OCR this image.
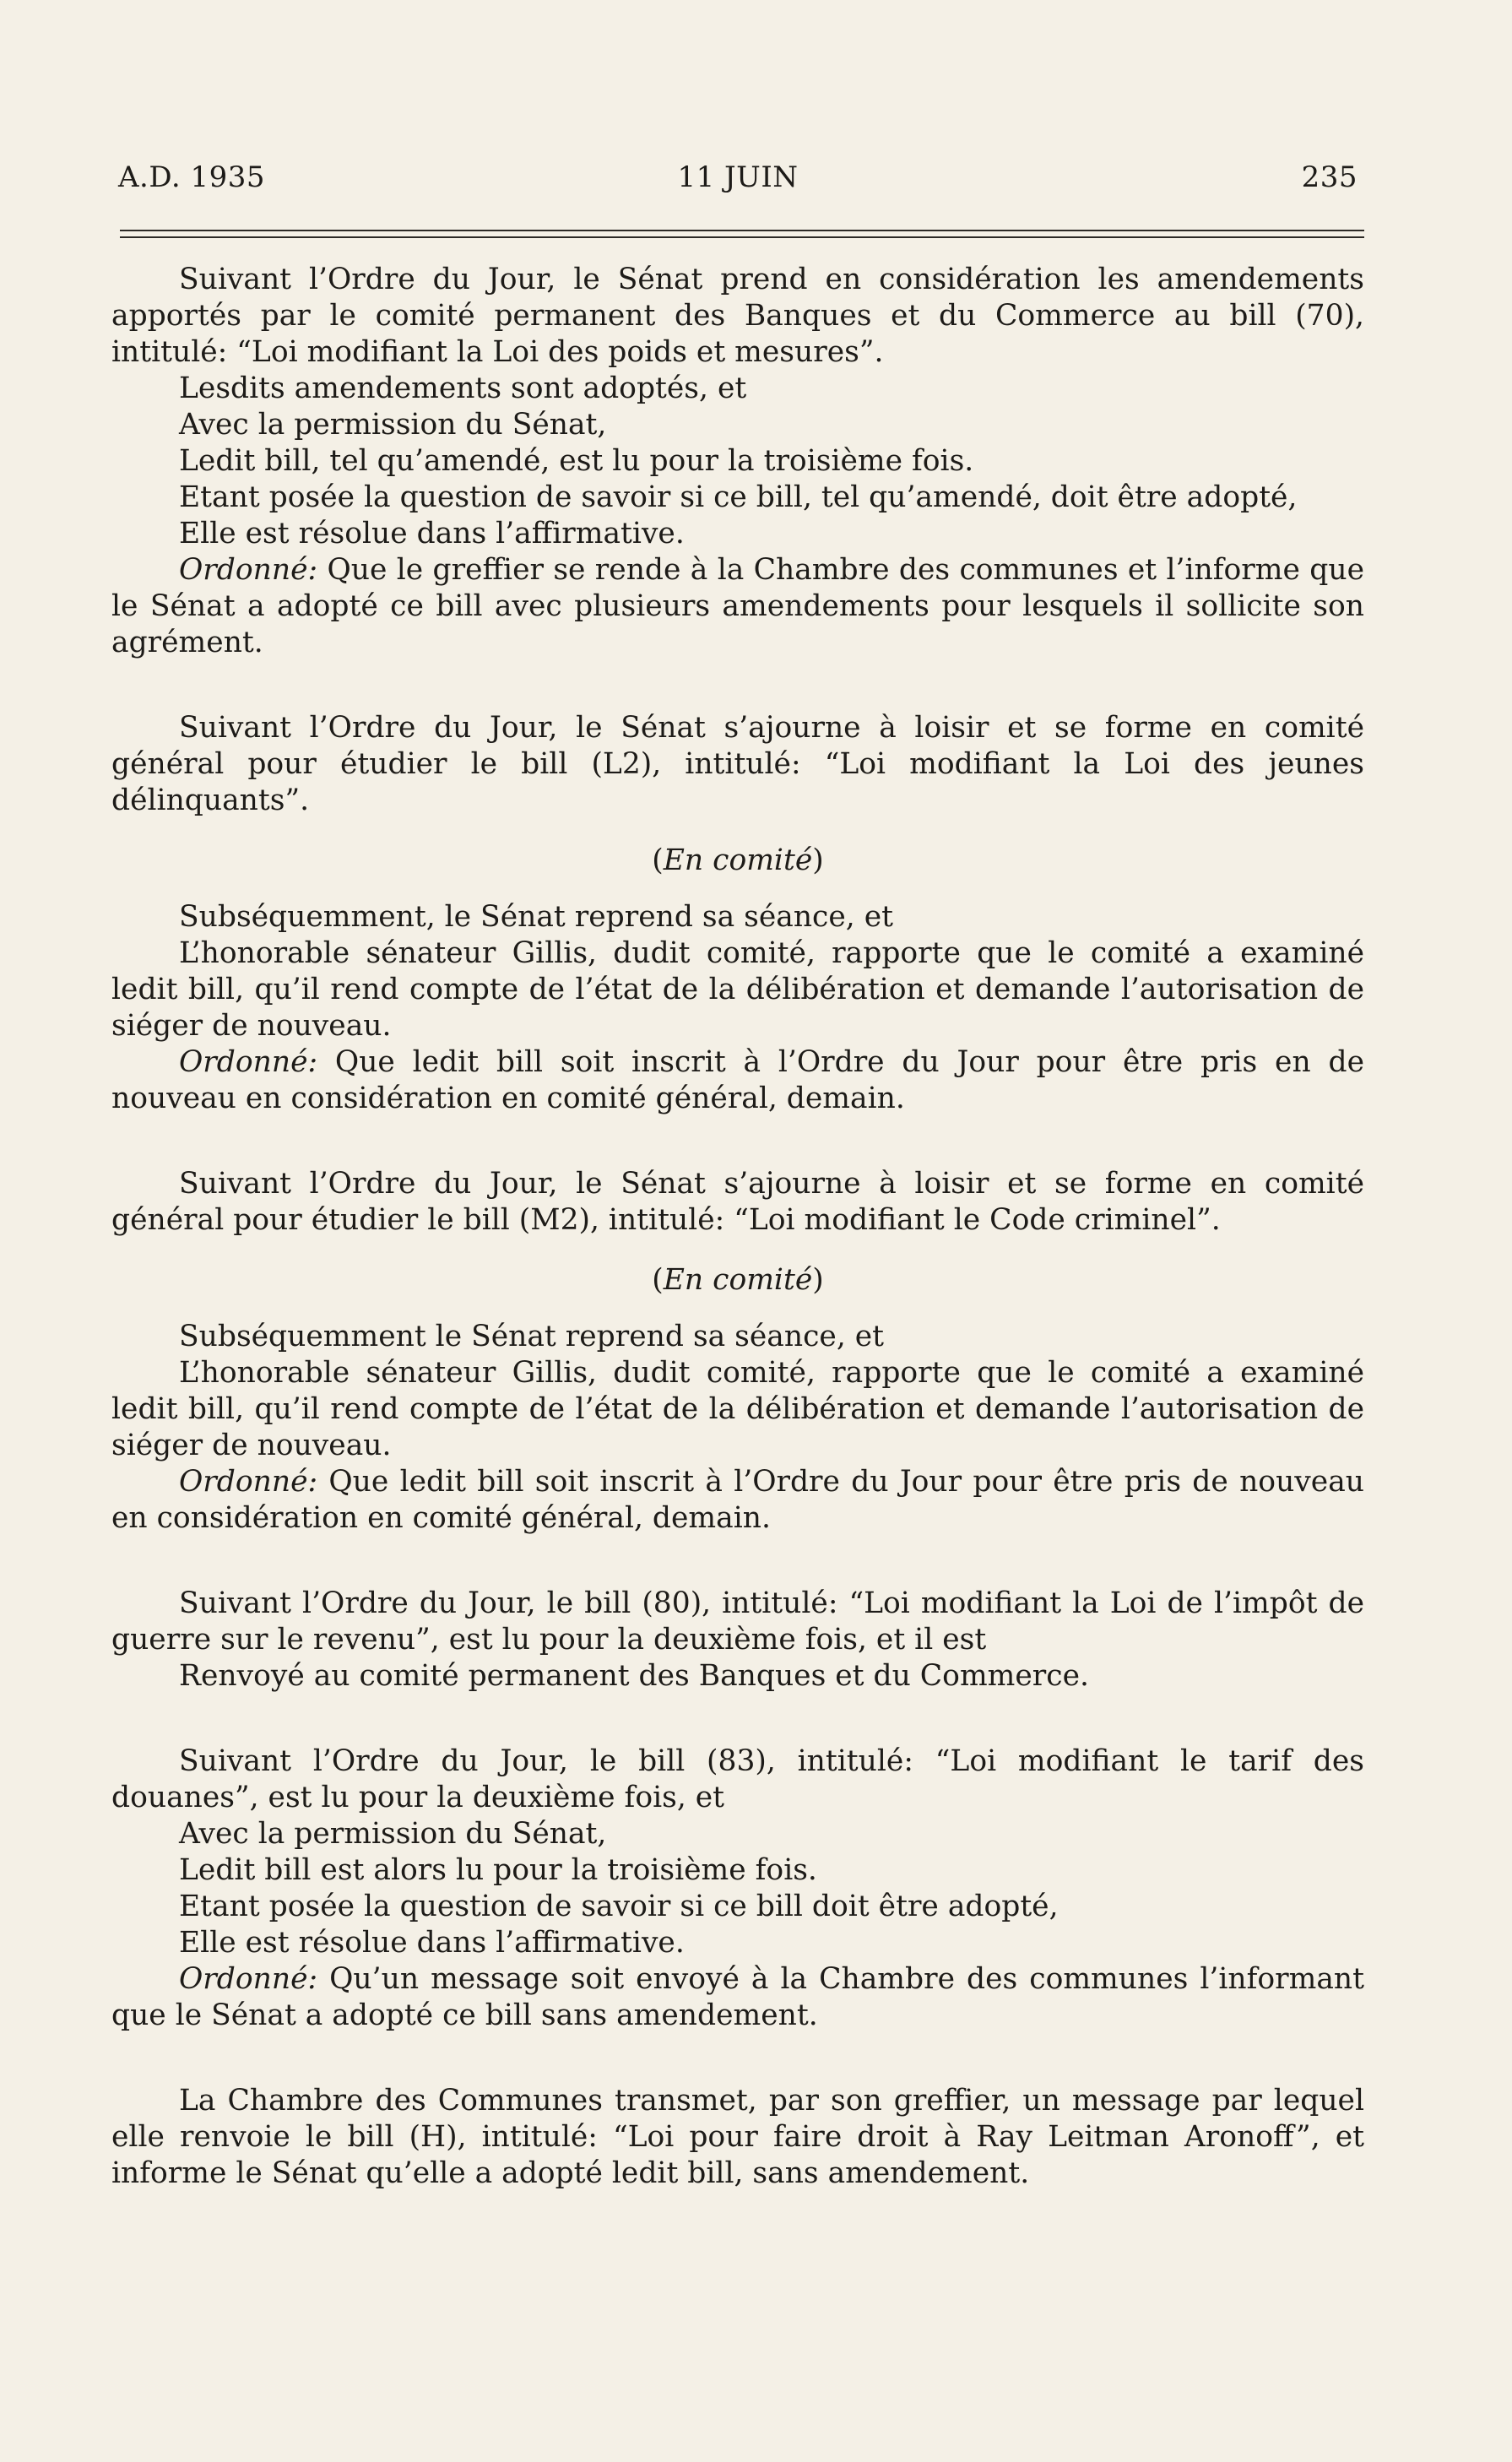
A.D. 1935	11 JUIN	235

Suivant l’Ordre du Jour, le Sénat prend en considération les amendements apportés par le comité permanent des Banques et du Commerce au bill (70), intitulé: “Loi modifiant la Loi des poids et mesures”.

Lesdits amendements sont adoptés, et

Avec la permission du Sénat,

Ledit bill, tel qu’amendé, est lu pour la troisième fois.

Etant posée la question de savoir si ce bill, tel qu’amendé, doit être adopté,

Elle est résolue dans l’affirmative.

Ordonné: Que le greffier se rende à la Chambre des communes et l’informe que le Sénat a adopté ce bill avec plusieurs amendements pour lesquels il sollicite son agrément.

Suivant l’Ordre du Jour, le Sénat s’ajourne à loisir et se forme en comité général pour étudier le bill (L2), intitulé: “Loi modifiant la Loi des jeunes délinquants”.

(En comité)

Subséquemment, le Sénat reprend sa séance, et

L’honorable sénateur Gillis, dudit comité, rapporte que le comité a examiné ledit bill, qu’il rend compte de l’état de la délibération et demande l’autorisation de siéger de nouveau.

Ordonné: Que ledit bill soit inscrit à l’Ordre du Jour pour être pris en de nouveau en considération en comité général, demain.

Suivant l’Ordre du Jour, le Sénat s’ajourne à loisir et se forme en comité général pour étudier le bill (M2), intitulé: “Loi modifiant le Code criminel”.

(En comité)

Subséquemment le Sénat reprend sa séance, et

L’honorable sénateur Gillis, dudit comité, rapporte que le comité a examiné ledit bill, qu’il rend compte de l’état de la délibération et demande l’autorisation de siéger de nouveau.

Ordonné: Que ledit bill soit inscrit à l’Ordre du Jour pour être pris de nouveau en considération en comité général, demain.

Suivant l’Ordre du Jour, le bill (80), intitulé: “Loi modifiant la Loi de l’impôt de guerre sur le revenu”, est lu pour la deuxième fois, et il est

Renvoyé au comité permanent des Banques et du Commerce.

Suivant l’Ordre du Jour, le bill (83), intitulé: “Loi modifiant le tarif des douanes”, est lu pour la deuxième fois, et

Avec la permission du Sénat,

Ledit bill est alors lu pour la troisième fois.

Etant posée la question de savoir si ce bill doit être adopté,

Elle est résolue dans l’affirmative.

Ordonné: Qu’un message soit envoyé à la Chambre des communes l’informant que le Sénat a adopté ce bill sans amendement.

La Chambre des Communes transmet, par son greffier, un message par lequel elle renvoie le bill (H), intitulé: “Loi pour faire droit à Ray Leitman Aronoff”, et informe le Sénat qu’elle a adopté ledit bill, sans amendement.
